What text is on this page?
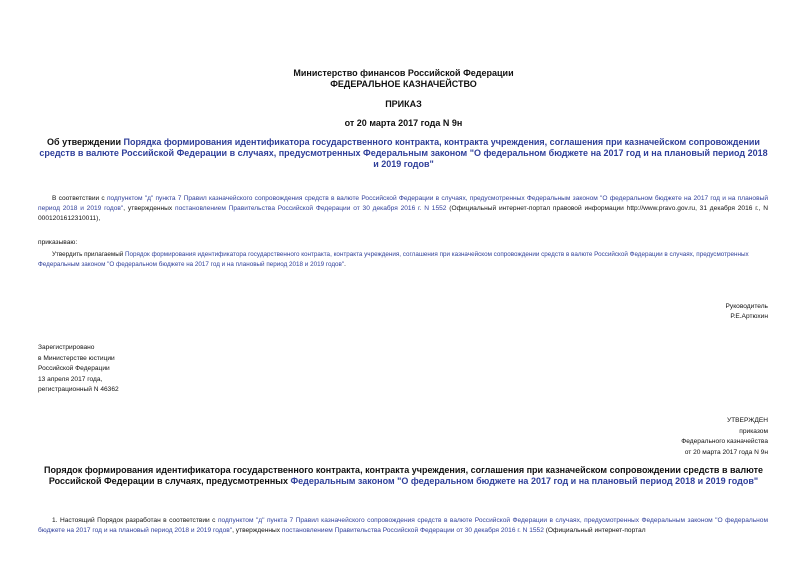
Министерство финансов Российской Федерации
ФЕДЕРАЛЬНОЕ КАЗНАЧЕЙСТВО
ПРИКАЗ
от 20 марта 2017 года N 9н
Об утверждении Порядка формирования идентификатора государственного контракта, контракта учреждения, соглашения при казначейском сопровождении средств в валюте Российской Федерации в случаях, предусмотренных Федеральным законом "О федеральном бюджете на 2017 год и на плановый период 2018 и 2019 годов"
В соответствии с подпунктом "д" пункта 7 Правил казначейского сопровождения средств в валюте Российской Федерации в случаях, предусмотренных Федеральным законом "О федеральном бюджете на 2017 год и на плановый период 2018 и 2019 годов", утвержденных постановлением Правительства Российской Федерации от 30 декабря 2016 г. N 1552 (Официальный интернет-портал правовой информации http://www.pravo.gov.ru, 31 декабря 2016 г., N 0001201612310011),
приказываю:
Утвердить прилагаемый Порядок формирования идентификатора государственного контракта, контракта учреждения, соглашения при казначейском сопровождении средств в валюте Российской Федерации в случаях, предусмотренных Федеральным законом "О федеральном бюджете на 2017 год и на плановый период 2018 и 2019 годов".
Руководитель
Р.Е.Артюхин
Зарегистрировано
в Министерстве юстиции
Российской Федерации
13 апреля 2017 года,
регистрационный N 46362
УТВЕРЖДЕН
приказом
Федерального казначейства
от 20 марта 2017 года N 9н
Порядок формирования идентификатора государственного контракта, контракта учреждения, соглашения при казначейском сопровождении средств в валюте Российской Федерации в случаях, предусмотренных Федеральным законом "О федеральном бюджете на 2017 год и на плановый период 2018 и 2019 годов"
1. Настоящий Порядок разработан в соответствии с подпунктом "д" пункта 7 Правил казначейского сопровождения средств в валюте Российской Федерации в случаях, предусмотренных Федеральным законом "О федеральном бюджете на 2017 год и на плановый период 2018 и 2019 годов", утвержденных постановлением Правительства Российской Федерации от 30 декабря 2016 г. N 1552 (Официальный интернет-портал
